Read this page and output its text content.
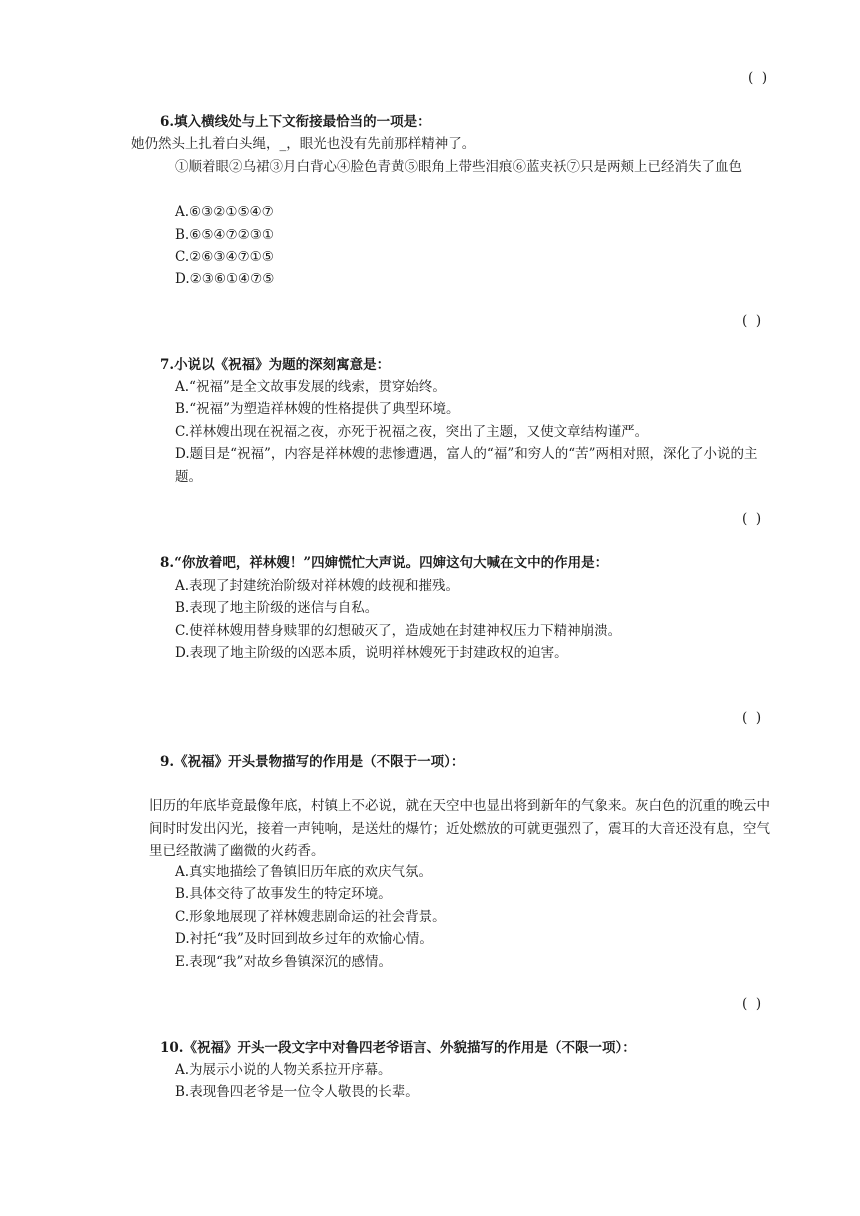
(  )
6.填入横线处与上下文衔接最恰当的一项是：
她仍然头上扎着白头绳，_，眼光也没有先前那样精神了。
①顺着眼②乌裙③月白背心④脸色青黄⑤眼角上带些泪痕⑥蓝夹袄⑦只是两颊上已经消失了血色
A.⑥③②①⑤④⑦
B.⑥⑤④⑦②③①
C.②⑥③④⑦①⑤
D.②③⑥①④⑦⑤
(  )
7.小说以《祝福》为题的深刻寓意是：
A.“祝福”是全文故事发展的线索，贯穿始终。
B.“祝福”为塑造祥林嫂的性格提供了典型环境。
C.祥林嫂出现在祝福之夜，亦死于祝福之夜，突出了主题，又使文章结构谨严。
D.题目是“祝福”，内容是祥林嫂的悲惨遭遇，富人的“福”和穷人的“苦”两相对照，深化了小说的主题。
(  )
8.“你放着吧，祥林嫂！”四婶慌忙大声说。四婶这句大喊在文中的作用是：
A.表现了封建统治阶级对祥林嫂的歧视和摧残。
B.表现了地主阶级的迷信与自私。
C.使祥林嫂用替身赎罪的幻想破灭了，造成她在封建神权压力下精神崩溃。
D.表现了地主阶级的凶恶本质，说明祥林嫂死于封建政权的迫害。
(  )
9.《祝福》开头景物描写的作用是（不限于一项）：
旧历的年底毕竟最像年底，村镇上不必说，就在天空中也显出将到新年的气象来。灰白色的沉重的晚云中间时时发出闪光，接着一声钝响，是送灶的爆竹；近处燃放的可就更强烈了，震耳的大音还没有息，空气里已经散满了幽微的火药香。
A.真实地描绘了鲁镇旧历年底的欢庆气氛。
B.具体交待了故事发生的特定环境。
C.形象地展现了祥林嫂悲剧命运的社会背景。
D.衬托“我”及时回到故乡过年的欢愉心情。
E.表现“我”对故乡鲁镇深沉的感情。
(  )
10.《祝福》开头一段文字中对鲁四老爷语言、外貌描写的作用是（不限一项）：
A.为展示小说的人物关系拉开序幕。
B.表现鲁四老爷是一位令人敬畏的长辈。
